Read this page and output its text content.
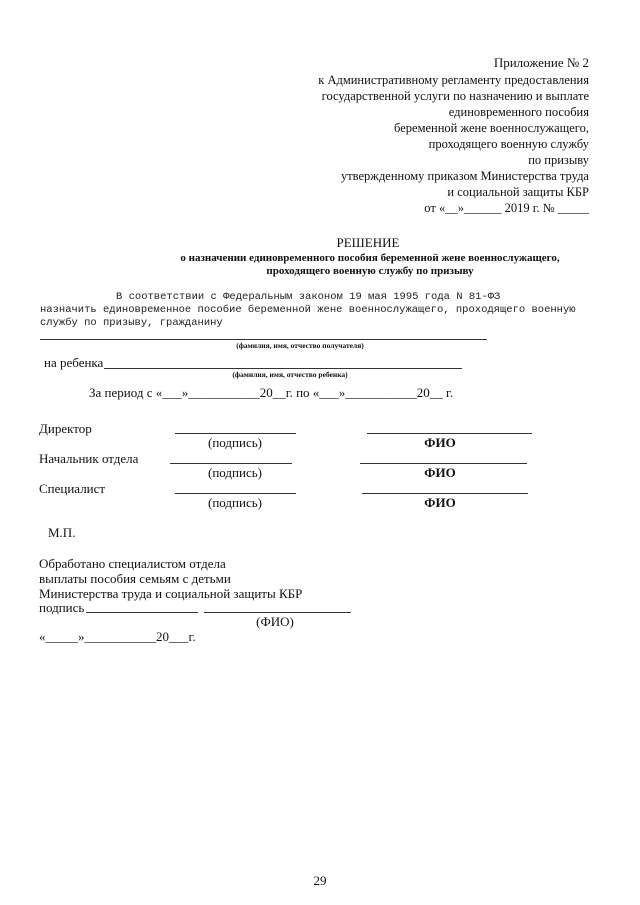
Приложение № 2
к Административному регламенту предоставления
государственной услуги по назначению и выплате
единовременного пособия
беременной жене военнослужащего,
проходящего военную службу
по призыву
утвержденному приказом Министерства труда
и социальной защиты КБР
от «__»______ 2019 г. № _____
РЕШЕНИЕ
о назначении единовременного пособия беременной жене военнослужащего,
проходящего военную службу по призыву
В соответствии с Федеральным законом 19 мая 1995 года N 81-ФЗ
назначить единовременное пособие беременной жене военнослужащего, проходящего военную
службу по призыву, гражданину
(фамилия, имя, отчество получателя)
на ребенка
(фамилия, имя, отчество ребенка)
За период с «___»___________20__г. по «___»___________20__ г.
Директор
(подпись)	ФИО
Начальник отдела
(подпись)	ФИО
Специалист
(подпись)	ФИО
М.П.
Обработано специалистом отдела
выплаты пособия семьям с детьми
Министерства труда и социальной защиты КБР
подпись
(ФИО)
«_____»___________20___г.
29
